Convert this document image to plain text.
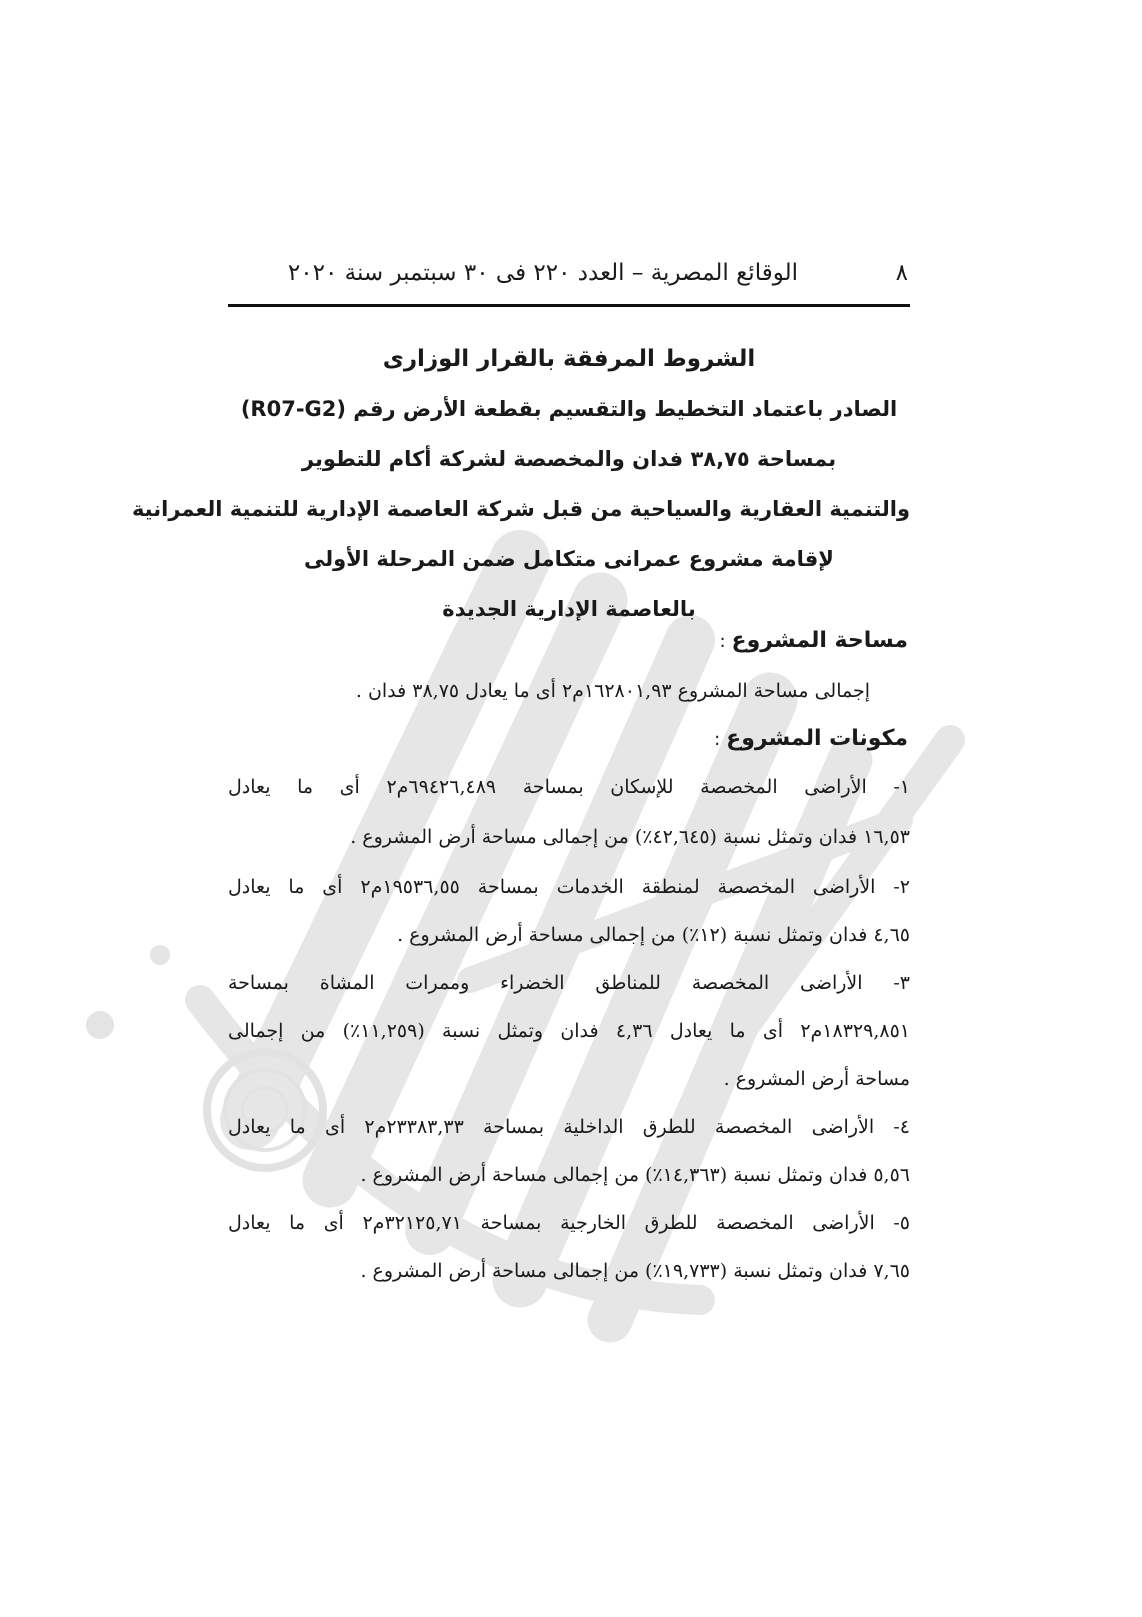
٨
الوقائع المصرية – العدد ٢٢٠ فى ٣٠ سبتمبر سنة ٢٠٢٠
الشروط المرفقة بالقرار الوزارى
الصادر باعتماد التخطيط والتقسيم بقطعة الأرض رقم (R07-G2)
بمساحة ٣٨,٧٥ فدان والمخصصة لشركة أكام للتطوير
والتنمية العقارية والسياحية من قبل شركة العاصمة الإدارية للتنمية العمرانية
لإقامة مشروع عمرانى متكامل ضمن المرحلة الأولى
بالعاصمة الإدارية الجديدة
مساحة المشروع:
إجمالى مساحة المشروع ١٦٢٨٠١,٩٣م٢ أى ما يعادل ٣٨,٧٥ فدان .
مكونات المشروع:
١- الأراضى المخصصة للإسكان بمساحة ٦٩٤٢٦,٤٨٩م٢ أى ما يعادل
١٦,٥٣ فدان وتمثل نسبة (٤٢,٦٤٥٪) من إجمالى مساحة أرض المشروع .
٢- الأراضى المخصصة لمنطقة الخدمات بمساحة ١٩٥٣٦,٥٥م٢ أى ما يعادل
٤,٦٥ فدان وتمثل نسبة (١٢٪) من إجمالى مساحة أرض المشروع .
٣- الأراضى المخصصة للمناطق الخضراء وممرات المشاة بمساحة
١٨٣٢٩,٨٥١م٢ أى ما يعادل ٤,٣٦ فدان وتمثل نسبة (١١,٢٥٩٪) من إجمالى
مساحة أرض المشروع .
٤- الأراضى المخصصة للطرق الداخلية بمساحة ٢٣٣٨٣,٣٣م٢ أى ما يعادل
٥,٥٦ فدان وتمثل نسبة (١٤,٣٦٣٪) من إجمالى مساحة أرض المشروع .
٥- الأراضى المخصصة للطرق الخارجية بمساحة ٣٢١٢٥,٧١م٢ أى ما يعادل
٧,٦٥ فدان وتمثل نسبة (١٩,٧٣٣٪) من إجمالى مساحة أرض المشروع .
